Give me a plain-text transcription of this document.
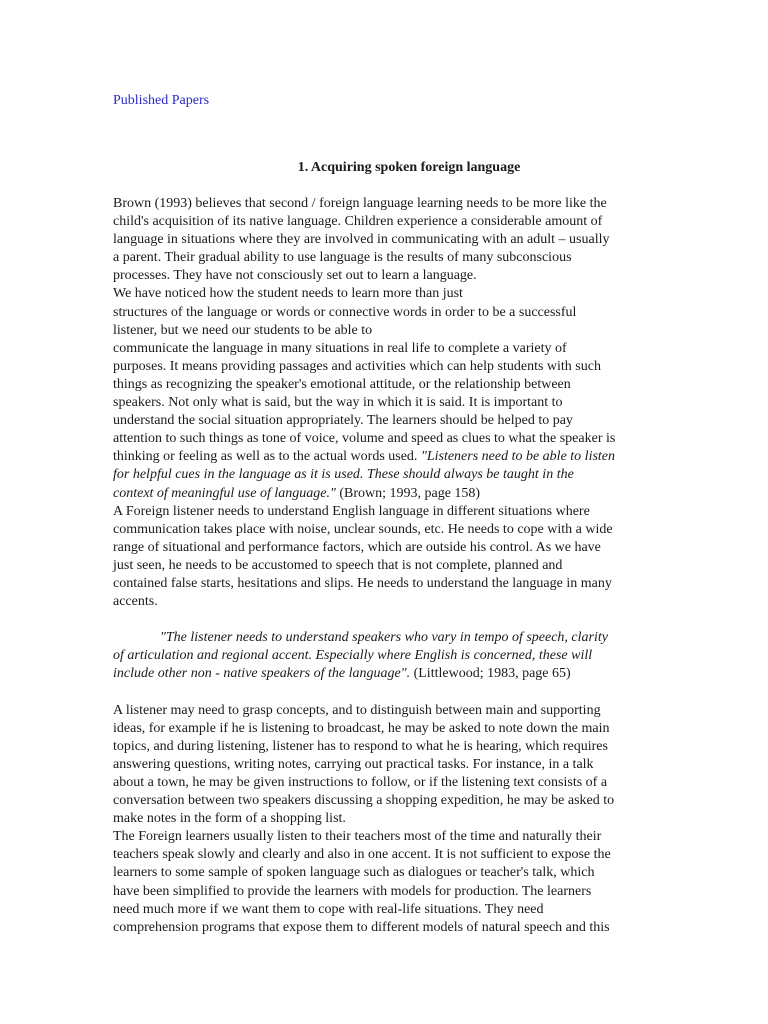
Published Papers
1. Acquiring spoken foreign language
Brown (1993) believes that second / foreign language learning needs to be more like the
child's acquisition of its native language. Children experience a considerable amount of
language in situations where they are involved in communicating with an adult – usually
a parent. Their gradual ability to use language is the results of many subconscious
processes. They have not consciously set out to learn a language.
We have noticed how the student needs to learn more than just
structures of the language or words or connective words in order to be a successful
listener, but we need our students to be able to
communicate the language in many situations in real life to complete a variety of
purposes. It means providing passages and activities which can help students with such
things as recognizing the speaker's emotional attitude, or the relationship between
speakers. Not only what is said, but the way in which it is said. It is important to
understand the social situation appropriately. The learners should be helped to pay
attention to such things as tone of voice, volume and speed as clues to what the speaker is
thinking or feeling as well as to the actual words used. "Listeners need to be able to listen
for helpful cues in the language as it is used. These should always be taught in the
context of meaningful use of language." (Brown; 1993, page 158)
A Foreign listener needs to understand English language in different situations where
communication takes place with noise, unclear sounds, etc. He needs to cope with a wide
range of situational and performance factors, which are outside his control. As we have
just seen, he needs to be accustomed to speech that is not complete, planned and
contained false starts, hesitations and slips. He needs to understand the language in many
accents.
"The listener needs to understand speakers who vary in tempo of speech, clarity
of articulation and regional accent. Especially where English is concerned, these will
include other non - native speakers of the language". (Littlewood; 1983, page 65)
A listener may need to grasp concepts, and to distinguish between main and supporting
ideas, for example if he is listening to broadcast, he may be asked to note down the main
topics, and during listening, listener has to respond to what he is hearing, which requires
answering questions, writing notes, carrying out practical tasks. For instance, in a talk
about a town, he may be given instructions to follow, or if the listening text consists of a
conversation between two speakers discussing a shopping expedition, he may be asked to
make notes in the form of a shopping list.
The Foreign learners usually listen to their teachers most of the time and naturally their
teachers speak slowly and clearly and also in one accent. It is not sufficient to expose the
learners to some sample of spoken language such as dialogues or teacher's talk, which
have been simplified to provide the learners with models for production. The learners
need much more if we want them to cope with real-life situations. They need
comprehension programs that expose them to different models of natural speech and this
